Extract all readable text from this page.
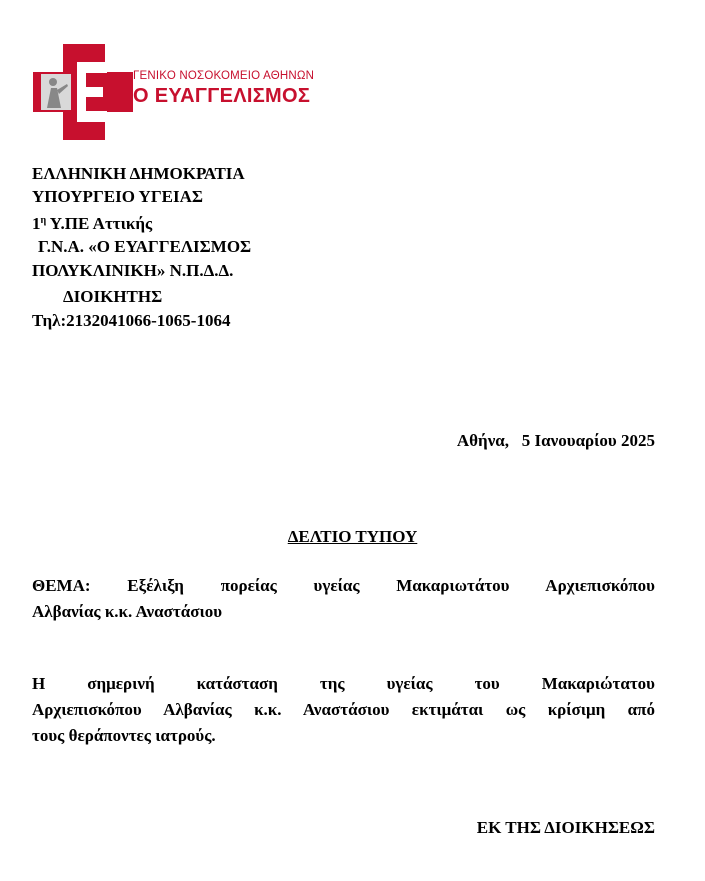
ΓΕΝΙΚΟ ΝΟΣΟΚΟΜΕΙΟ ΑΘΗΝΩΝ
Ο ΕΥΑΓΓΕΛΙΣΜΟΣ
ΕΛΛΗΝΙΚΗ ΔΗΜΟΚΡΑΤΙΑ
ΥΠΟΥΡΓΕΙΟ ΥΓΕΙΑΣ
$1^\eta$ Υ.ΠΕ Αττικής
Γ.Ν.Α. «Ο ΕΥΑΓΓΕΛΙΣΜΟΣ
ΠΟΛΥΚΛΙΝΙΚΗ» Ν.Π.Δ.Δ.
ΔΙΟΙΚΗΤΗΣ
Τηλ:2132041066-1065-1064
Αθήνα,   5 Ιανουαρίου 2025
ΔΕΛΤΙΟ ΤΥΠΟΥ
ΘΕΜΑ: Εξέλιξη πορείας υγείας Μακαριωτάτου Αρχιεπισκόπου
Αλβανίας κ.κ. Αναστάσιου
Η σημερινή κατάσταση της υγείας του Μακαριώτατου
Αρχιεπισκόπου Αλβανίας κ.κ. Αναστάσιου εκτιμάται ως κρίσιμη από
τους θεράποντες ιατρούς.
ΕΚ ΤΗΣ ΔΙΟΙΚΗΣΕΩΣ
